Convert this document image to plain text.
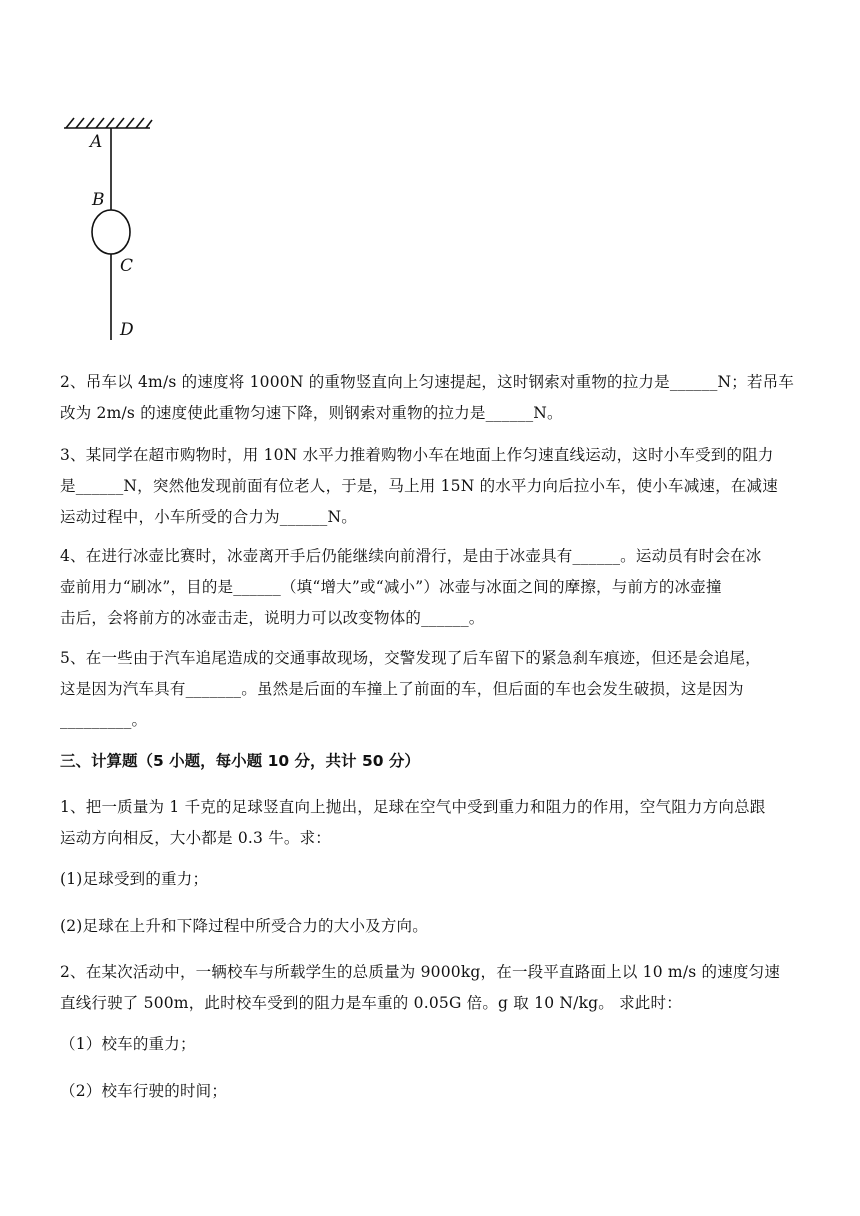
A
B
C
D
2、吊车以 4m/s 的速度将 1000N 的重物竖直向上匀速提起，这时钢索对重物的拉力是______N；若吊车
改为 2m/s 的速度使此重物匀速下降，则钢索对重物的拉力是______N。
3、某同学在超市购物时，用 10N 水平力推着购物小车在地面上作匀速直线运动，这时小车受到的阻力
是______N，突然他发现前面有位老人，于是，马上用 15N 的水平力向后拉小车，使小车减速，在减速
运动过程中，小车所受的合力为______N。
4、在进行冰壶比赛时，冰壶离开手后仍能继续向前滑行，是由于冰壶具有______。运动员有时会在冰
壶前用力“刷冰”，目的是______（填“增大”或“减小”）冰壶与冰面之间的摩擦，与前方的冰壶撞
击后，会将前方的冰壶击走，说明力可以改变物体的______。
5、在一些由于汽车追尾造成的交通事故现场，交警发现了后车留下的紧急刹车痕迹，但还是会追尾，
这是因为汽车具有_______。虽然是后面的车撞上了前面的车，但后面的车也会发生破损，这是因为
_________。
三、计算题（5 小题，每小题 10 分，共计 50 分）
1、把一质量为 1 千克的足球竖直向上抛出，足球在空气中受到重力和阻力的作用，空气阻力方向总跟
运动方向相反，大小都是 0.3 牛。求：
(1)足球受到的重力；
(2)足球在上升和下降过程中所受合力的大小及方向。
2、在某次活动中，一辆校车与所载学生的总质量为 9000kg，在一段平直路面上以 10 m/s 的速度匀速
直线行驶了 500m，此时校车受到的阻力是车重的 0.05G 倍。g 取 10 N/kg。 求此时：
（1）校车的重力；
（2）校车行驶的时间；
